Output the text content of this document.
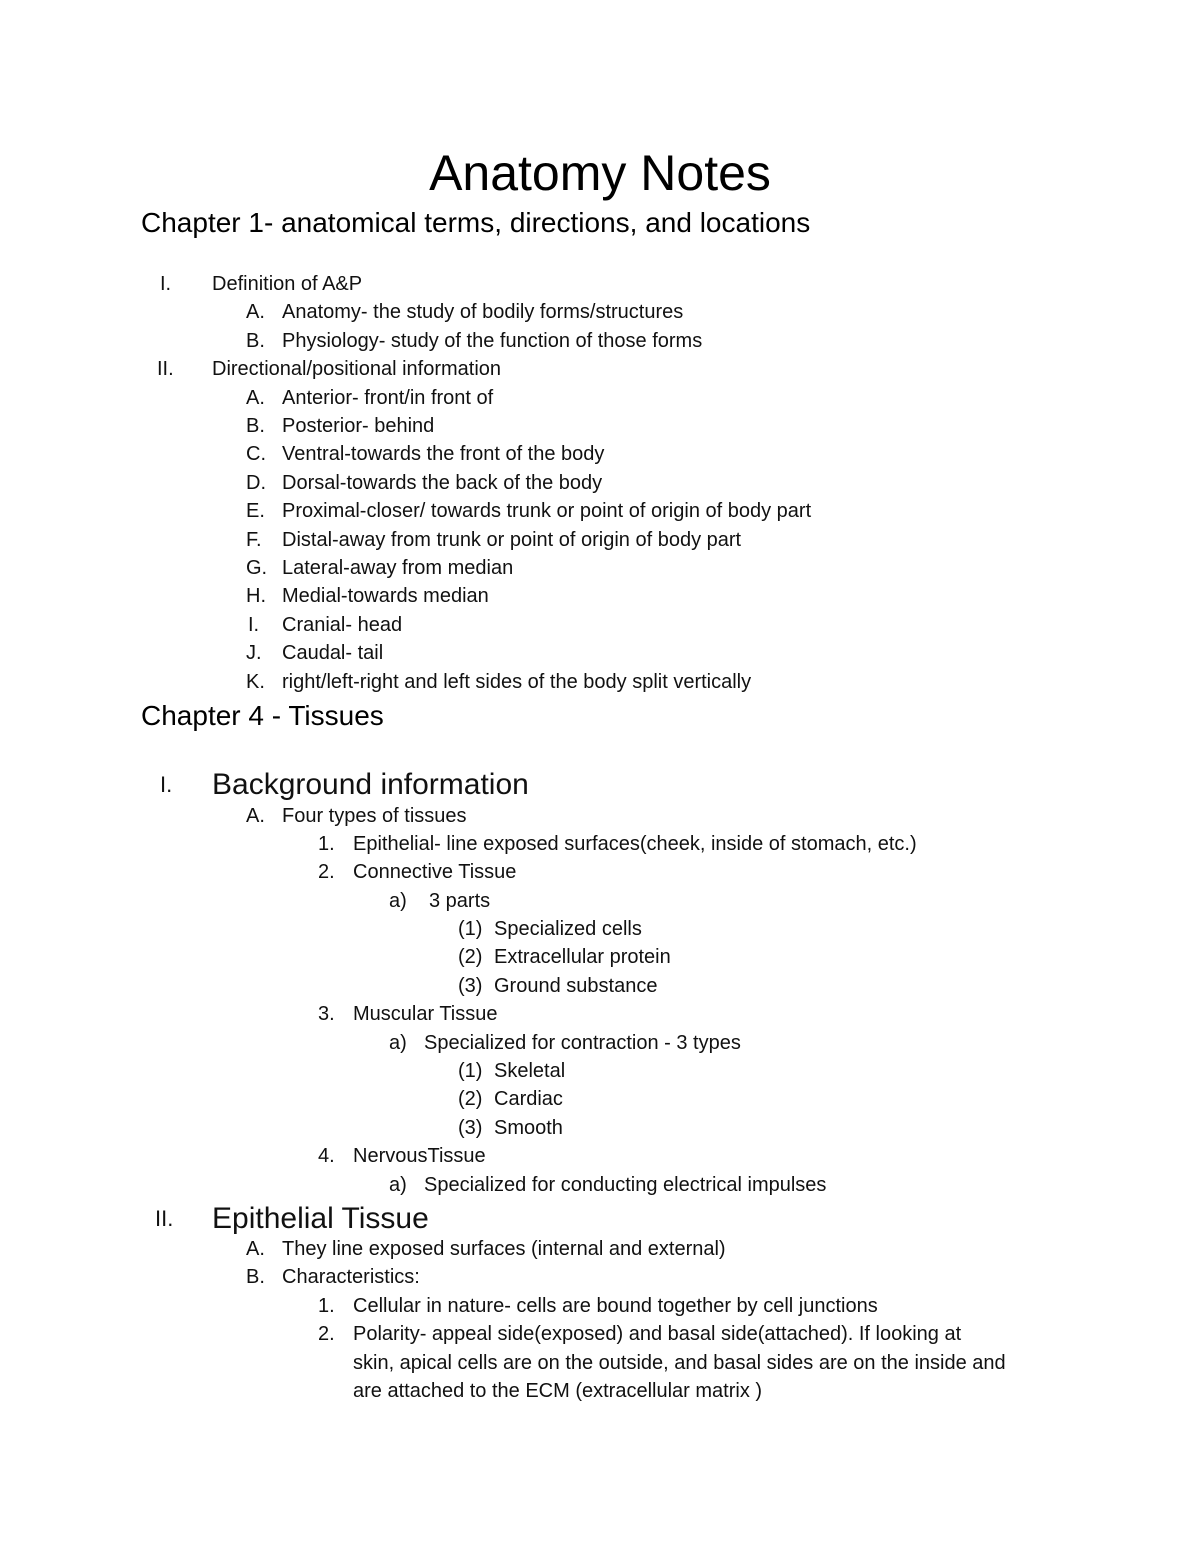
Anatomy Notes
Chapter 1- anatomical terms, directions, and locations
I. Definition of A&P
A. Anatomy- the study of bodily forms/structures
B. Physiology- study of the function of those forms
II. Directional/positional information
A. Anterior- front/in front of
B. Posterior- behind
C. Ventral-towards the front of the body
D. Dorsal-towards the back of the body
E. Proximal-closer/ towards trunk or point of origin of body part
F. Distal-away from trunk or point of origin of body part
G. Lateral-away from median
H. Medial-towards median
I. Cranial- head
J. Caudal- tail
K. right/left-right and left sides of the body split vertically
Chapter 4 - Tissues
I. Background information
A. Four types of tissues
1. Epithelial- line exposed surfaces(cheek, inside of stomach, etc.)
2. Connective Tissue
a) 3 parts
(1) Specialized cells
(2) Extracellular protein
(3) Ground substance
3. Muscular Tissue
a) Specialized for contraction - 3 types
(1) Skeletal
(2) Cardiac
(3) Smooth
4. NervousTissue
a) Specialized for conducting electrical impulses
II. Epithelial Tissue
A. They line exposed surfaces (internal and external)
B. Characteristics:
1. Cellular in nature- cells are bound together by cell junctions
2. Polarity- appeal side(exposed) and basal side(attached). If looking at
skin, apical cells are on the outside, and basal sides are on the inside and
are attached to the ECM (extracellular matrix )
